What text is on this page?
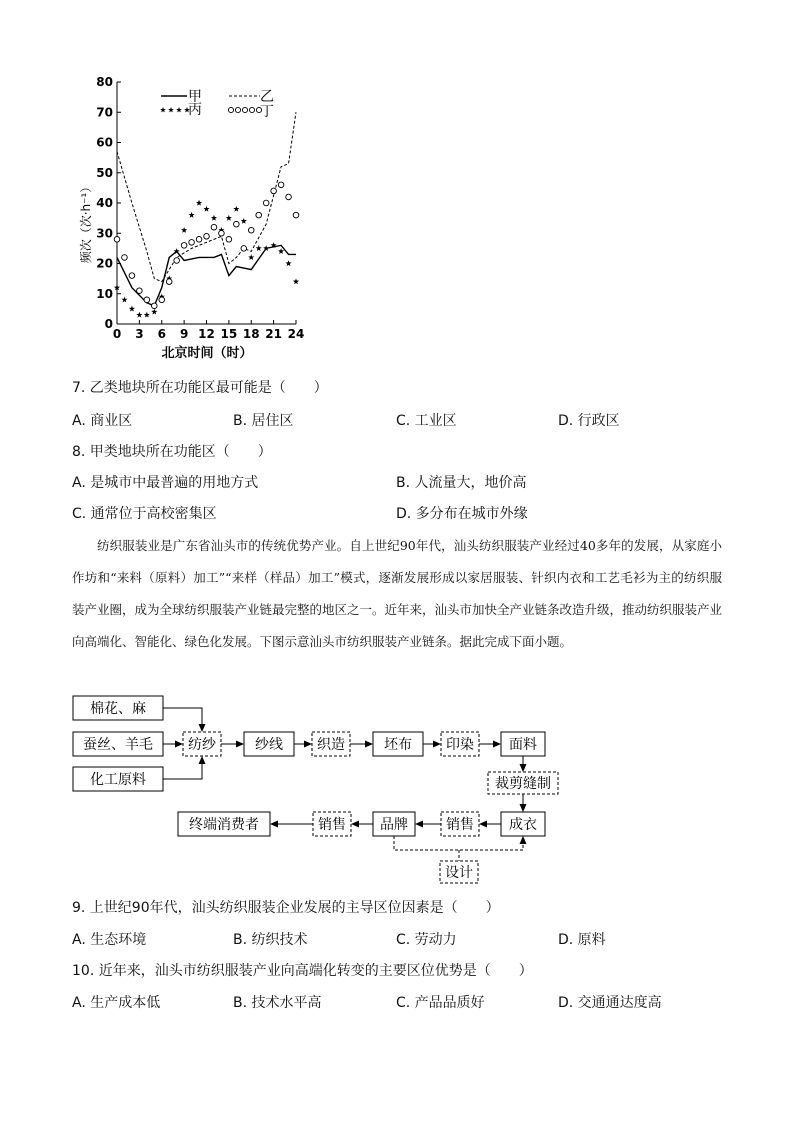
频次（次·h⁻¹）
0
10
20
30
40
50
60
70
80
0 3 6 9 12 15 18 21 24
甲	乙
丙	丁
北京时间（时）
7. 乙类地块所在功能区最可能是（　　）
A. 商业区	B. 居住区	C. 工业区	D. 行政区
8. 甲类地块所在功能区（　　）
A. 是城市中最普遍的用地方式	B. 人流量大，地价高
C. 通常位于高校密集区	D. 多分布在城市外缘

纺织服装业是广东省汕头市的传统优势产业。自上世纪90年代，汕头纺织服装产业经过40多年的发展，从家庭小作坊和“来料（原料）加工”“来样（样品）加工”模式，逐渐发展形成以家居服装、针织内衣和工艺毛衫为主的纺织服装产业圈，成为全球纺织服装产业链最完整的地区之一。近年来，汕头市加快全产业链条改造升级，推动纺织服装产业向高端化、智能化、绿色化发展。下图示意汕头市纺织服装产业链条。据此完成下面小题。

棉花、麻
蚕丝、羊毛
化工原料
纺纱	纱线 织造	坯布 印染	面料
裁剪缝制
成衣
销售
品牌
销售
终端消费者
设计
9. 上世纪90年代，汕头纺织服装企业发展的主导区位因素是（　　）
A. 生态环境	B. 纺织技术	C. 劳动力	D. 原料
10. 近年来，汕头市纺织服装产业向高端化转变的主要区位优势是（　　）
A. 生产成本低	B. 技术水平高	C. 产品品质好	D. 交通通达度高
